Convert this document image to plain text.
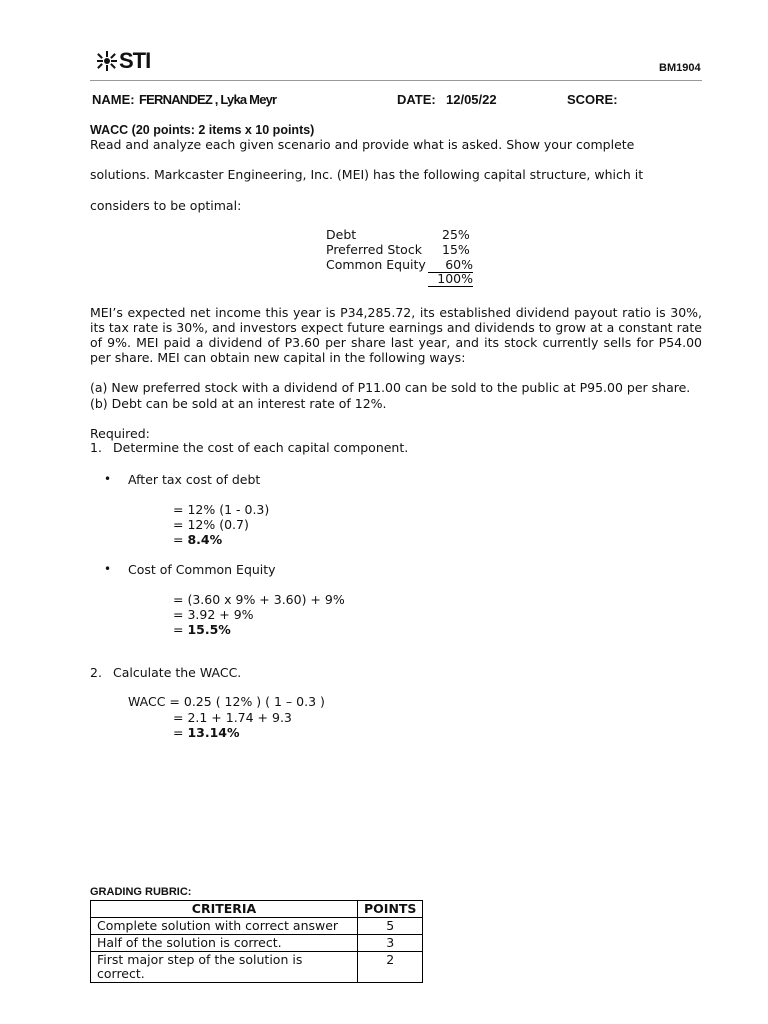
STI	BM1904
NAME: FERNANDEZ , Lyka Meyr	DATE: 12/05/22	SCORE:
WACC (20 points: 2 items x 10 points)
Read and analyze each given scenario and provide what is asked. Show your complete
solutions. Markcaster Engineering, Inc. (MEI) has the following capital structure, which it
considers to be optimal:
Debt	25%
Preferred Stock 15%
Common Equity	60%
100%
MEI’s expected net income this year is P34,285.72, its established dividend payout ratio is 30%, its tax rate is 30%, and investors expect future earnings and dividends to grow at a constant rate of 9%. MEI paid a dividend of P3.60 per share last year, and its stock currently sells for P54.00 per share. MEI can obtain new capital in the following ways:
(a) New preferred stock with a dividend of P11.00 can be sold to the public at P95.00 per share.
(b) Debt can be sold at an interest rate of 12%.
Required:
1. Determine the cost of each capital component.
• After tax cost of debt
= 12% (1 - 0.3)
= 12% (0.7)
= 8.4%
• Cost of Common Equity
= (3.60 x 9% + 3.60) + 9%
= 3.92 + 9%
= 15.5%
2. Calculate the WACC.
WACC = 0.25 ( 12% ) ( 1 – 0.3 )
= 2.1 + 1.74 + 9.3
= 13.14%
GRADING RUBRIC:
CRITERIA	POINTS
Complete solution with correct answer	5
Half of the solution is correct.	3
First major step of the solution is correct.	2
